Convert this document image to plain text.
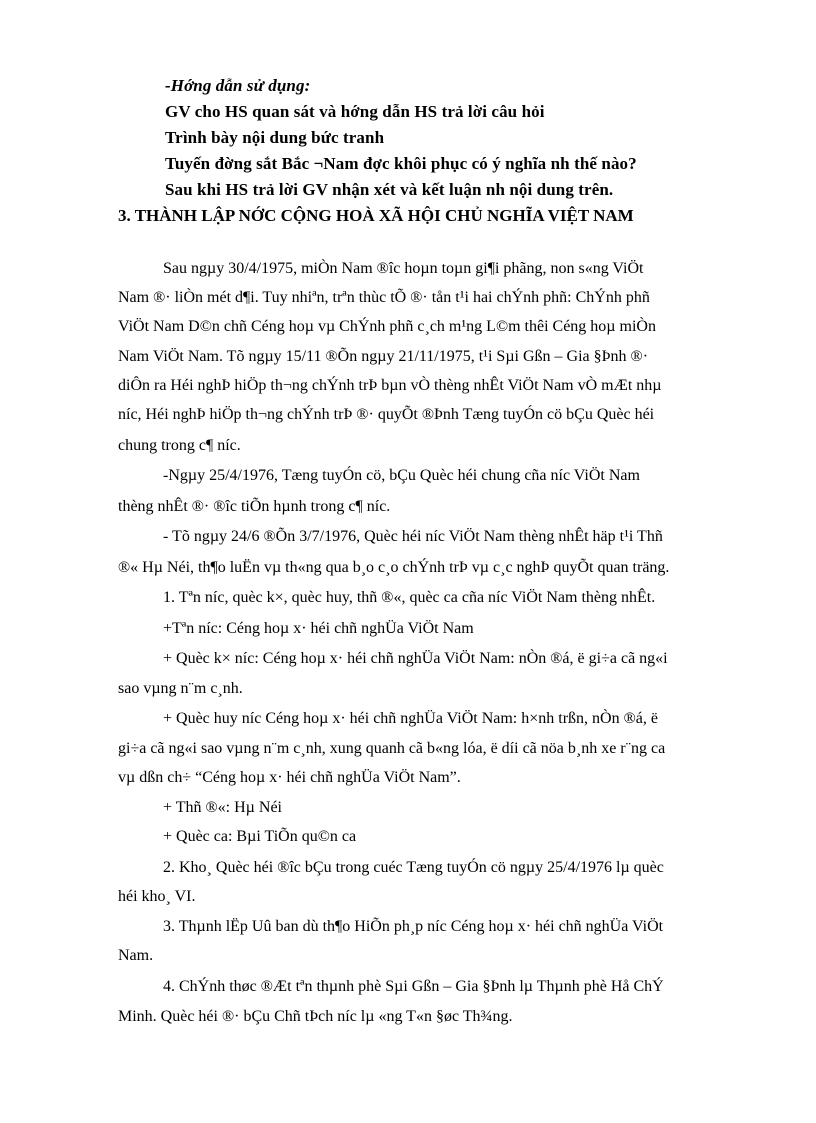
-Hớng dẫn sử dụng:
GV cho HS quan sát và hớng dẫn HS trả lời câu hỏi
Trình bày nội dung bức tranh
Tuyến đờng sắt Bắc ¬Nam đợc khôi phục có ý nghĩa nh thế nào?
Sau khi HS trả lời GV nhận xét và kết luận nh nội dung trên.
3. THÀNH LẬP NỚC CỘNG HOÀ XÃ HỘI CHỦ NGHĨA VIỆT NAM
Sau ngµy 30/4/1975, miÒn Nam ®îc hoµn toµn gi¶i phãng, non s«ng ViÖt
Nam ®· liÒn mét d¶i. Tuy nhiªn, trªn thùc tÕ ®· tån t¹i hai chÝnh phñ: ChÝnh phñ
ViÖt Nam D©n chñ Céng hoµ vµ ChÝnh phñ c¸ch m¹ng L©m thêi Céng hoµ miÒn
Nam ViÖt Nam. Tõ ngµy 15/11 ®Õn ngµy 21/11/1975, t¹i Sµi Gßn – Gia §Þnh ®·
diÔn ra Héi nghÞ hiÖp th¬ng chÝnh trÞ bµn vÒ thèng nhÊt ViÖt Nam vÒ mÆt nhµ
níc, Héi nghÞ hiÖp th¬ng chÝnh trÞ ®· quyÕt ®Þnh Tæng tuyÓn cö bÇu Quèc héi
chung trong c¶ níc.
-Ngµy 25/4/1976, Tæng tuyÓn cö, bÇu Quèc héi chung cña níc ViÖt Nam
thèng nhÊt ®· ®îc tiÕn hµnh trong c¶ níc.
- Tõ ngµy 24/6 ®Õn 3/7/1976, Quèc héi níc ViÖt Nam thèng nhÊt häp t¹i Thñ
®« Hµ Néi, th¶o luËn vµ th«ng qua b¸o c¸o chÝnh trÞ vµ c¸c nghÞ quyÕt quan träng.
1. Tªn níc, quèc k×, quèc huy, thñ ®«, quèc ca cña níc ViÖt Nam thèng nhÊt.
+Tªn níc: Céng hoµ x· héi chñ nghÜa ViÖt Nam
+ Quèc k× níc: Céng hoµ x· héi chñ nghÜa ViÖt Nam: nÒn ®á, ë gi÷a cã ng«i
sao vµng n¨m c¸nh.
+ Quèc huy níc Céng hoµ x· héi chñ nghÜa ViÖt Nam: h×nh trßn, nÒn ®á, ë
gi÷a cã ng«i sao vµng n¨m c¸nh, xung quanh cã b«ng lóa, ë díi cã nöa b¸nh xe r¨ng ca
vµ dßn ch÷ “Céng hoµ x· héi chñ nghÜa ViÖt Nam”.
+ Thñ ®«: Hµ Néi
+ Quèc ca: Bµi TiÕn qu©n ca
2. Kho¸ Quèc héi ®îc bÇu trong cuéc Tæng tuyÓn cö ngµy 25/4/1976 lµ quèc
héi kho¸ VI.
3. Thµnh lËp Uû ban dù th¶o HiÕn ph¸p níc Céng hoµ x· héi chñ nghÜa ViÖt
Nam.
4. ChÝnh thøc ®Æt tªn thµnh phè Sµi Gßn – Gia §Þnh lµ Thµnh phè Hå ChÝ
Minh. Quèc héi ®· bÇu Chñ tÞch níc lµ «ng T«n §øc Th¾ng.
